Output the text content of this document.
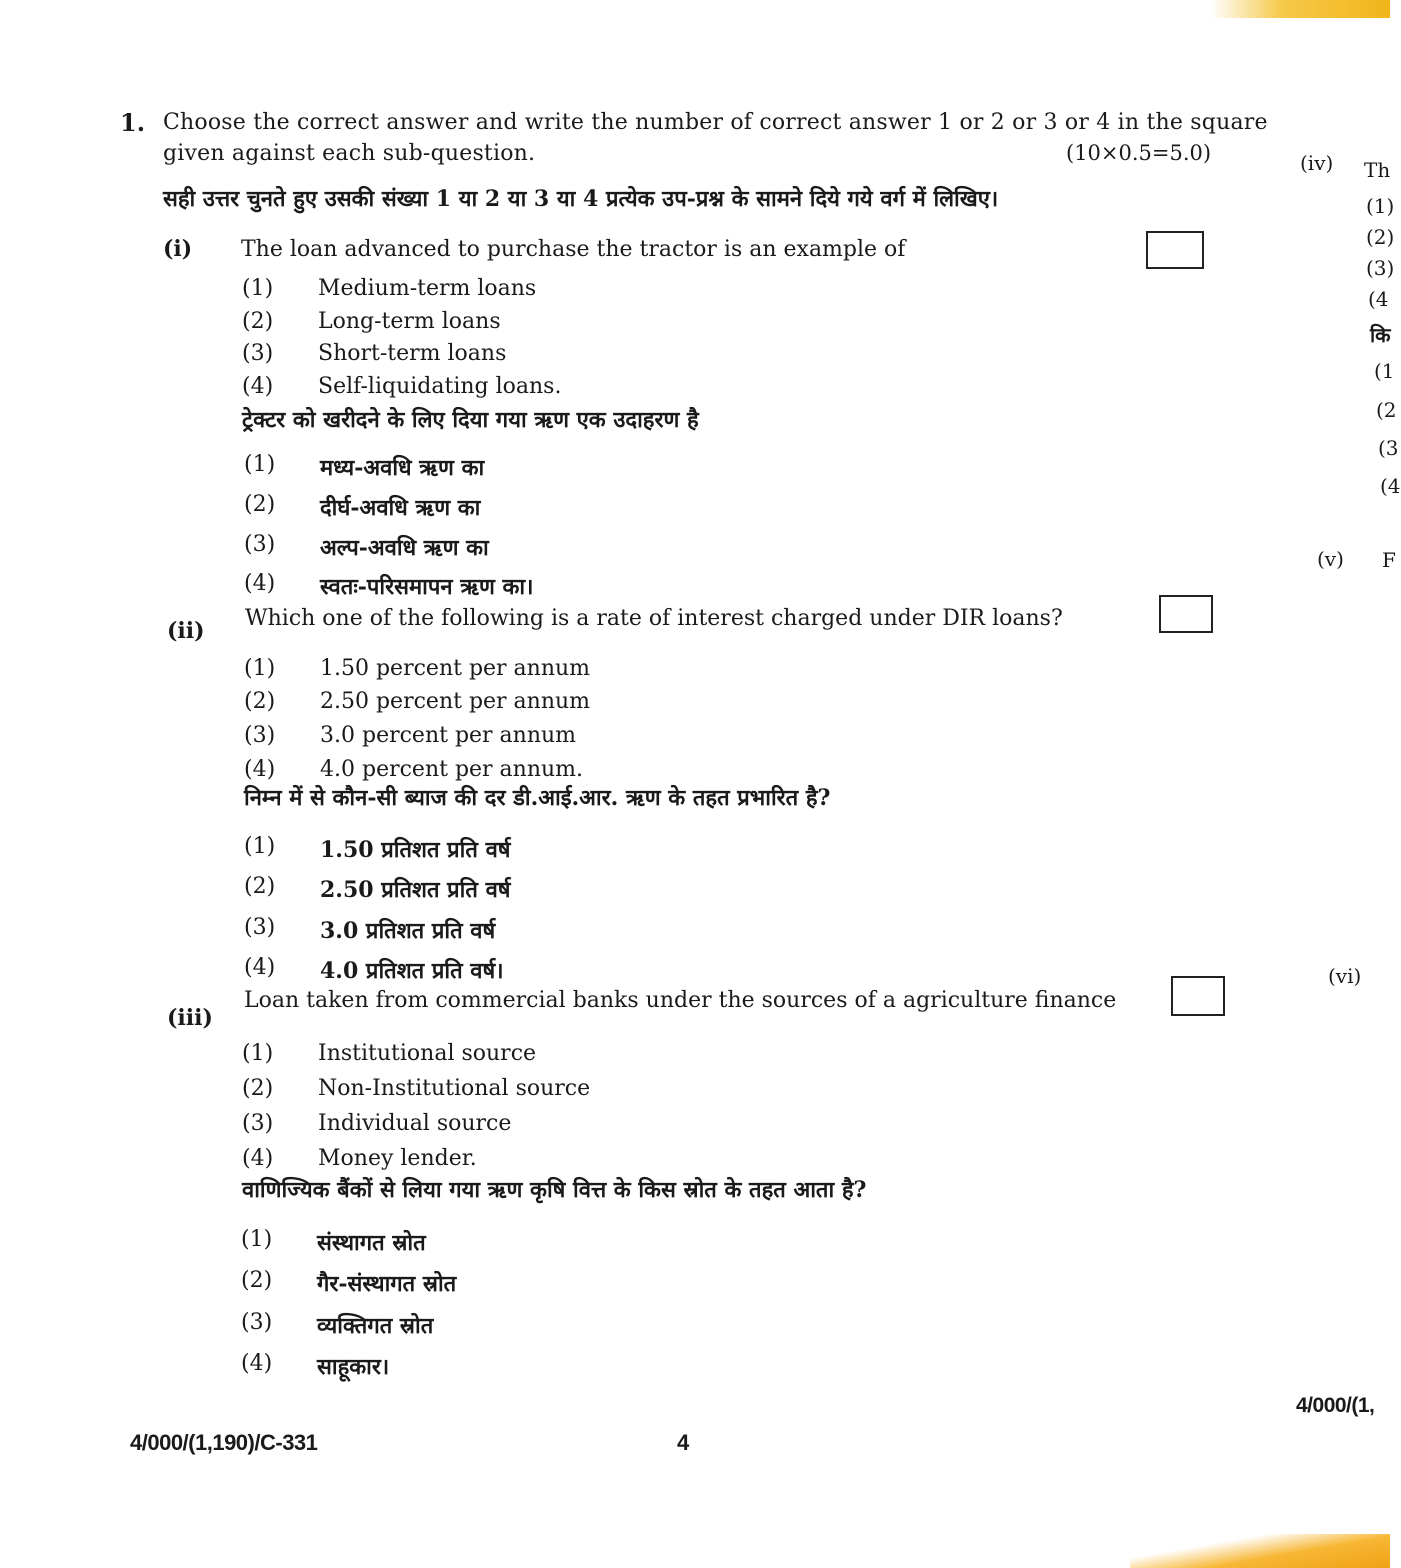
1. Choose the correct answer and write the number of correct answer 1 or 2 or 3 or 4 in the square
given against each sub-question.	(10×0.5=5.0)
सही उत्तर चुनते हुए उसकी संख्या 1 या 2 या 3 या 4 प्रत्येक उप-प्रश्न के सामने दिये गये वर्ग में लिखिए।
(i) The loan advanced to purchase the tractor is an example of
(1) Medium-term loans
(2) Long-term loans
(3) Short-term loans
(4) Self-liquidating loans.
ट्रेक्टर को खरीदने के लिए दिया गया ऋण एक उदाहरण है
(1) मध्य-अवधि ऋण का
(2) दीर्घ-अवधि ऋण का
(3) अल्प-अवधि ऋण का
(4) स्वतः-परिसमापन ऋण का।
(ii) Which one of the following is a rate of interest charged under DIR loans?
(1) 1.50 percent per annum
(2) 2.50 percent per annum
(3) 3.0 percent per annum
(4) 4.0 percent per annum.
निम्न में से कौन-सी ब्याज की दर डी.आई.आर. ऋण के तहत प्रभारित है?
(1) 1.50 प्रतिशत प्रति वर्ष
(2) 2.50 प्रतिशत प्रति वर्ष
(3) 3.0 प्रतिशत प्रति वर्ष
(4) 4.0 प्रतिशत प्रति वर्ष।
(iii)
Loan taken from commercial banks under the sources of a agriculture finance
(1) Institutional source
(2) Non-Institutional source
(3) Individual source
(4) Money lender.
वाणिज्यिक बैंकों से लिया गया ऋण कृषि वित्त के किस स्रोत के तहत आता है?
(1) संस्थागत स्रोत
(2) गैर-संस्थागत स्रोत
(3) व्यक्तिगत स्रोत
(4) साहूकार।
4/000/(1,190)/C-331	4
(iv) Th
(1)
(2)
(3)
(4
कि
(1
(2
(3
(4
(v) F
(vi)
4/000/(1,
